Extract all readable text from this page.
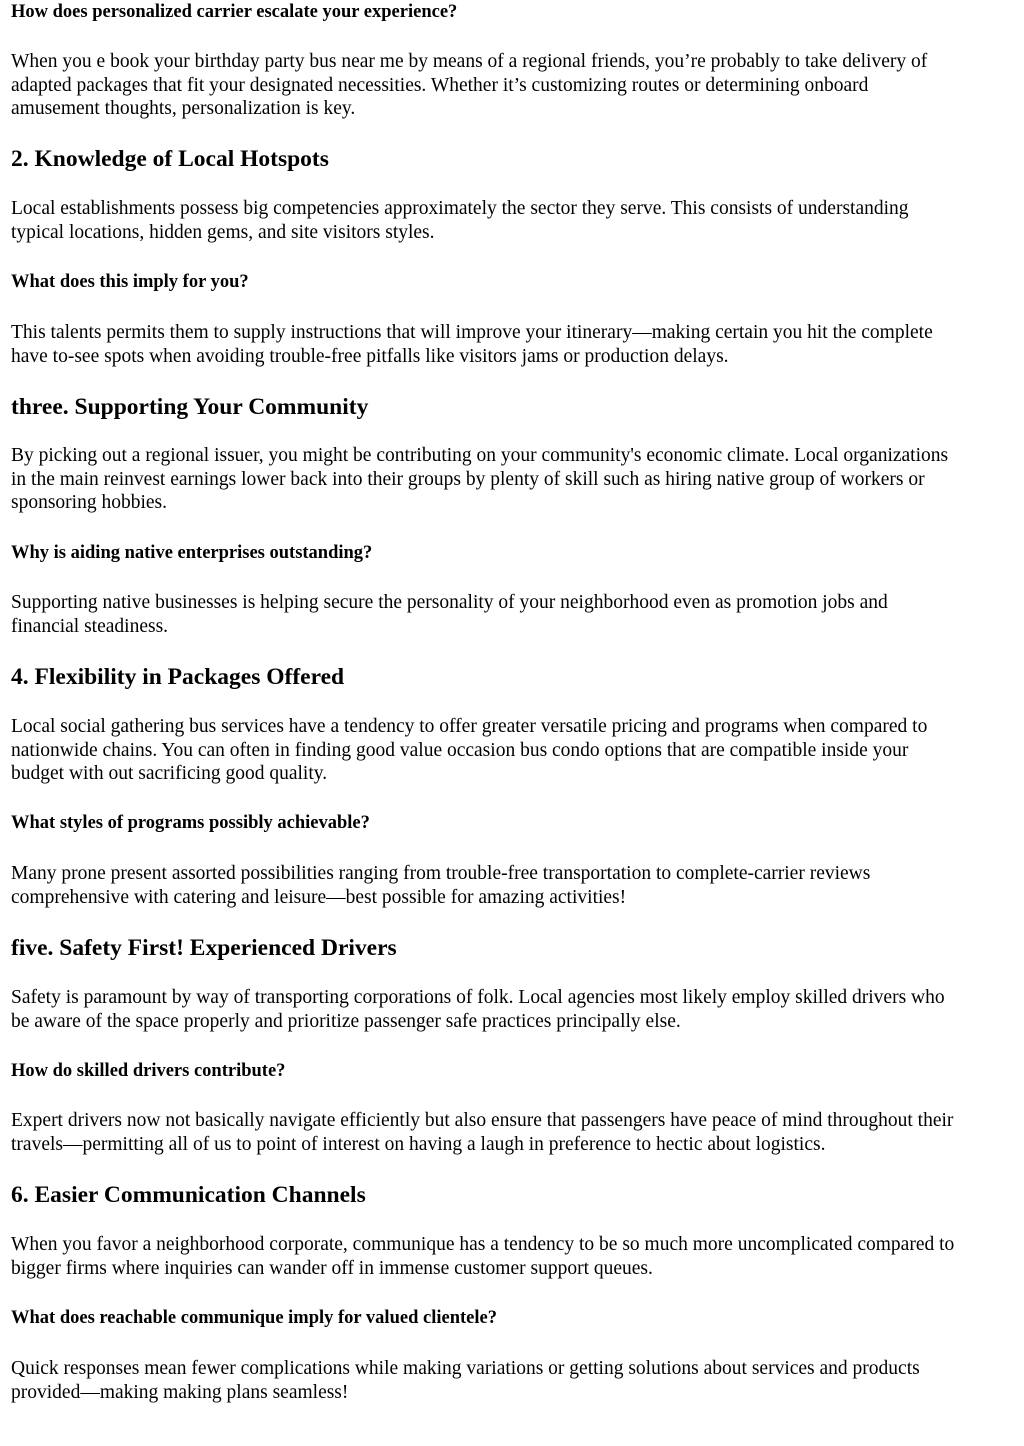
How does personalized carrier escalate your experience?

When you e book your birthday party bus near me by means of a regional friends, you’re probably to take delivery of
adapted packages that fit your designated necessities. Whether it’s customizing routes or determining onboard
amusement thoughts, personalization is key.

2. Knowledge of Local Hotspots

Local establishments possess big competencies approximately the sector they serve. This consists of understanding
typical locations, hidden gems, and site visitors styles.

What does this imply for you?

This talents permits them to supply instructions that will improve your itinerary—making certain you hit the complete
have to-see spots when avoiding trouble-free pitfalls like visitors jams or production delays.

three. Supporting Your Community

By picking out a regional issuer, you might be contributing on your community's economic climate. Local organizations
in the main reinvest earnings lower back into their groups by plenty of skill such as hiring native group of workers or
sponsoring hobbies.

Why is aiding native enterprises outstanding?

Supporting native businesses is helping secure the personality of your neighborhood even as promotion jobs and
financial steadiness.

4. Flexibility in Packages Offered

Local social gathering bus services have a tendency to offer greater versatile pricing and programs when compared to
nationwide chains. You can often in finding good value occasion bus condo options that are compatible inside your
budget with out sacrificing good quality.

What styles of programs possibly achievable?

Many prone present assorted possibilities ranging from trouble-free transportation to complete-carrier reviews
comprehensive with catering and leisure—best possible for amazing activities!

five. Safety First! Experienced Drivers

Safety is paramount by way of transporting corporations of folk. Local agencies most likely employ skilled drivers who
be aware of the space properly and prioritize passenger safe practices principally else.

How do skilled drivers contribute?

Expert drivers now not basically navigate efficiently but also ensure that passengers have peace of mind throughout their
travels—permitting all of us to point of interest on having a laugh in preference to hectic about logistics.

6. Easier Communication Channels

When you favor a neighborhood corporate, communique has a tendency to be so much more uncomplicated compared to
bigger firms where inquiries can wander off in immense customer support queues.

What does reachable communique imply for valued clientele?

Quick responses mean fewer complications while making variations or getting solutions about services and products
provided—making making plans seamless!
